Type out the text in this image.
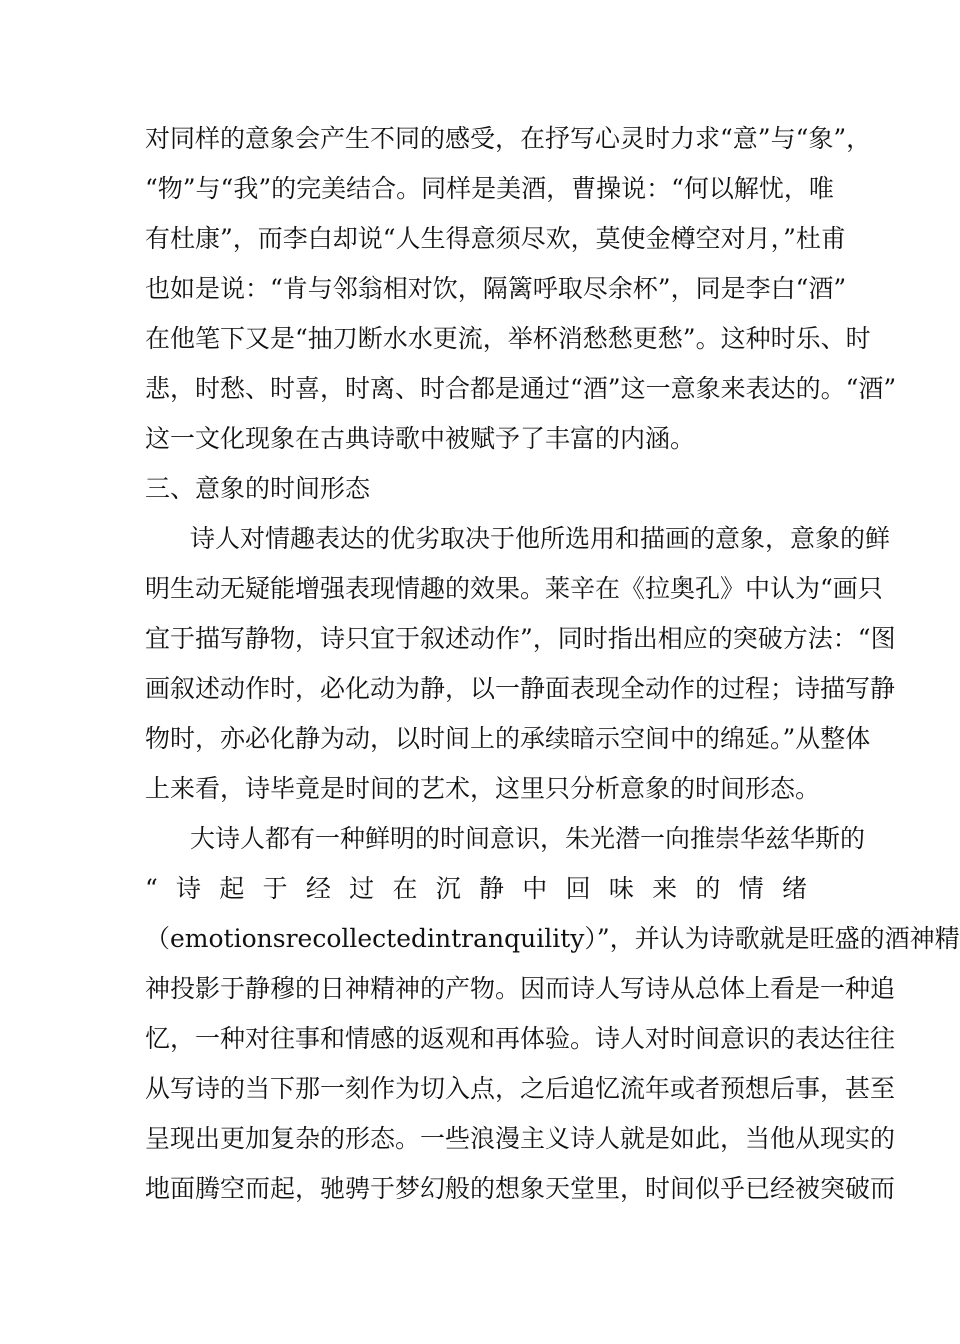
对同样的意象会产生不同的感受，在抒写心灵时力求“意”与“象”，
“物”与“我”的完美结合。同样是美酒，曹操说：“何以解忧，唯
有杜康”，而李白却说“人生得意须尽欢，莫使金樽空对月，”杜甫
也如是说：“肯与邻翁相对饮，隔篱呼取尽余杯”，同是李白“酒”
在他笔下又是“抽刀断水水更流，举杯消愁愁更愁”。这种时乐、时
悲，时愁、时喜，时离、时合都是通过“酒”这一意象来表达的。“酒”
这一文化现象在古典诗歌中被赋予了丰富的内涵。
三、意象的时间形态
诗人对情趣表达的优劣取决于他所选用和描画的意象，意象的鲜
明生动无疑能增强表现情趣的效果。莱辛在《拉奥孔》中认为“画只
宜于描写静物，诗只宜于叙述动作”，同时指出相应的突破方法：“图
画叙述动作时，必化动为静，以一静面表现全动作的过程；诗描写静
物时，亦必化静为动，以时间上的承续暗示空间中的绵延。”从整体
上来看，诗毕竟是时间的艺术，这里只分析意象的时间形态。
大诗人都有一种鲜明的时间意识，朱光潜一向推崇华兹华斯的
“ 诗 起 于 经 过 在 沉 静 中 回 味 来 的 情 绪
（emotionsrecollectedintranquility）”，并认为诗歌就是旺盛的酒神精
神投影于静穆的日神精神的产物。因而诗人写诗从总体上看是一种追
忆，一种对往事和情感的返观和再体验。诗人对时间意识的表达往往
从写诗的当下那一刻作为切入点，之后追忆流年或者预想后事，甚至
呈现出更加复杂的形态。一些浪漫主义诗人就是如此，当他从现实的
地面腾空而起，驰骋于梦幻般的想象天堂里，时间似乎已经被突破而
